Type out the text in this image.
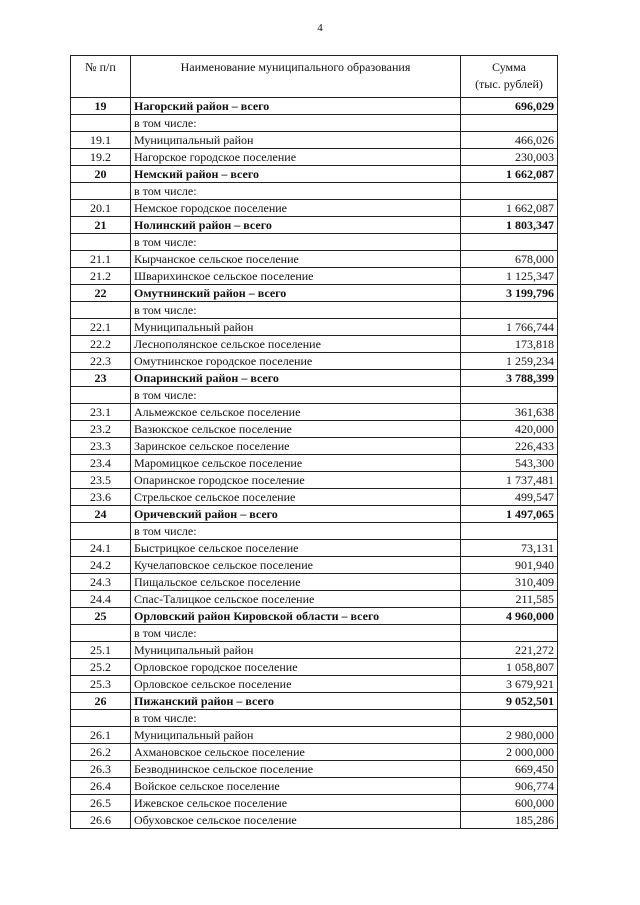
4
№ п/п	Наименование муниципального образования	Сумма
(тыс. рублей)

19	Нагорский район – всего	696,029
	в том числе:	
19.1	Муниципальный район	466,026
19.2	Нагорское городское поселение	230,003
20	Немский район – всего	1 662,087
	в том числе:	
20.1	Немское городское поселение	1 662,087
21	Нолинский район – всего	1 803,347
	в том числе:	
21.1	Кырчанское сельское поселение	678,000
21.2	Шварихинское сельское поселение	1 125,347
22	Омутнинский район – всего	3 199,796
	в том числе:	
22.1	Муниципальный район	1 766,744
22.2	Леснополянское сельское поселение	173,818
22.3	Омутнинское городское поселение	1 259,234
23	Опаринский район – всего	3 788,399
	в том числе:	
23.1	Альмежское сельское поселение	361,638
23.2	Вазюкское сельское поселение	420,000
23.3	Заринское сельское поселение	226,433
23.4	Маромицкое сельское поселение	543,300
23.5	Опаринское городское поселение	1 737,481
23.6	Стрельское сельское поселение	499,547
24	Оричевский район – всего	1 497,065
	в том числе:	
24.1	Быстрицкое сельское поселение	73,131
24.2	Кучелаповское сельское поселение	901,940
24.3	Пищальское сельское поселение	310,409
24.4	Спас-Талицкое сельское поселение	211,585
25	Орловский район Кировской области – всего	4 960,000
	в том числе:	
25.1	Муниципальный район	221,272
25.2	Орловское городское поселение	1 058,807
25.3	Орловское сельское поселение	3 679,921
26	Пижанский район – всего	9 052,501
	в том числе:	
26.1	Муниципальный район	2 980,000
26.2	Ахмановское сельское поселение	2 000,000
26.3	Безводнинское сельское поселение	669,450
26.4	Войское сельское поселение	906,774
26.5	Ижевское сельское поселение	600,000
26.6	Обуховское сельское поселение	185,286
